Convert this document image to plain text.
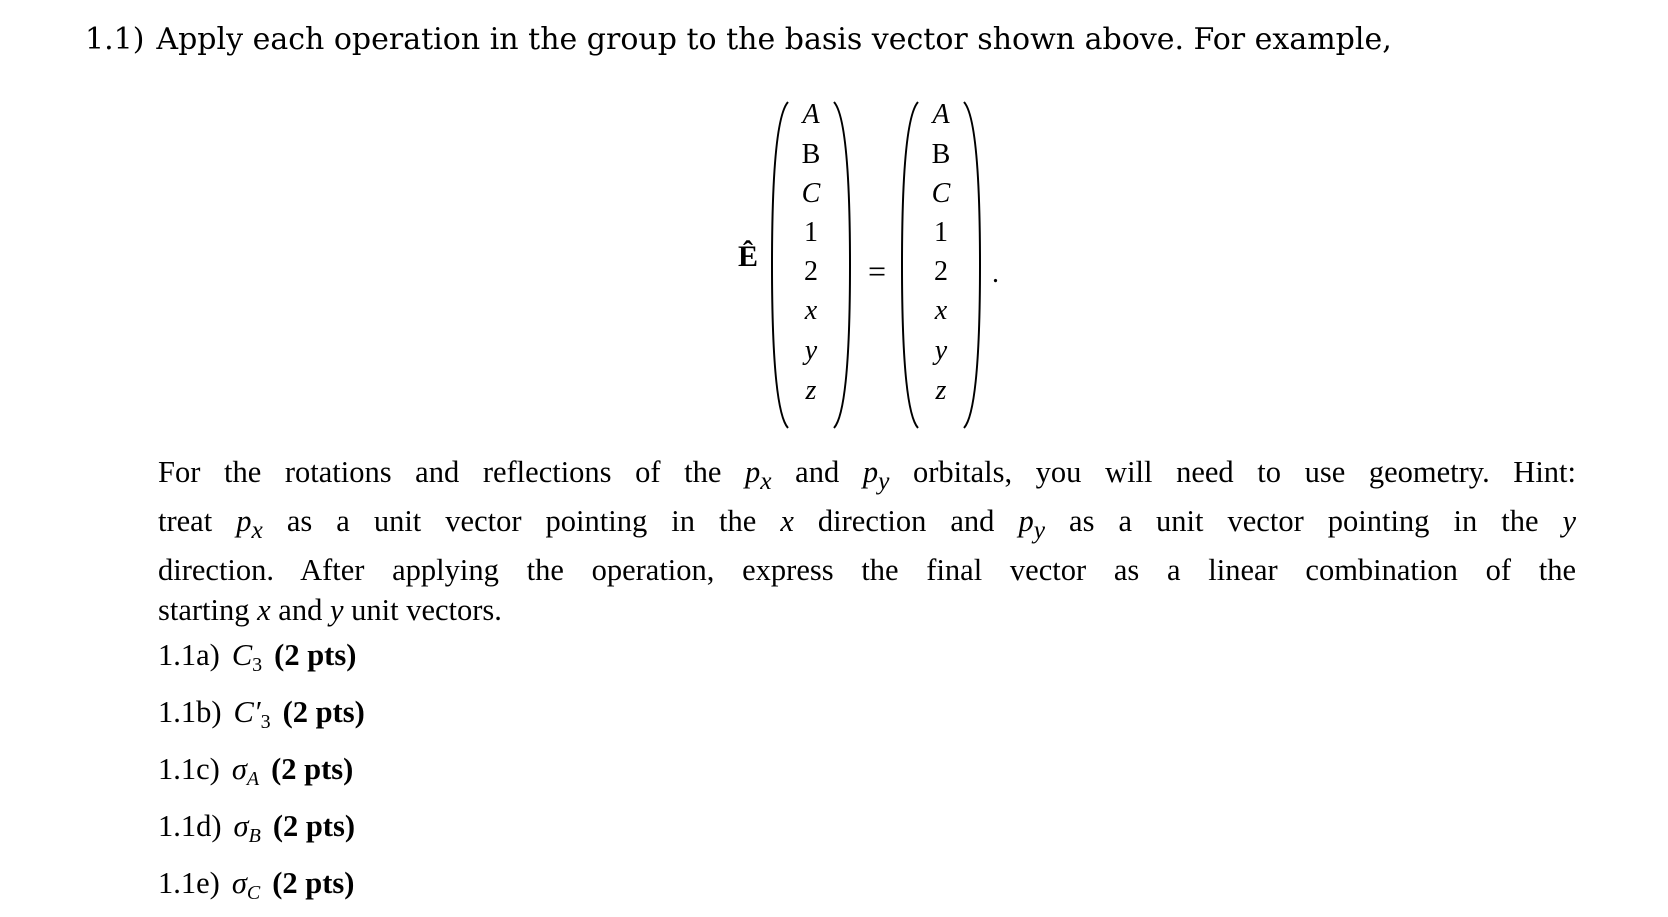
1.1) Apply each operation in the group to the basis vector shown above. For example,
Ê
A
B
C
1
2
x
y
z
=
A
B
C
1
2
x
y
z
.
For the rotations and reflections of the $p_x$ and $p_y$ orbitals, you will need to use geometry. Hint:
treat $p_x$ as a unit vector pointing in the x direction and $p_y$ as a unit vector pointing in the y
direction. After applying the operation, express the final vector as a linear combination of the
starting x and y unit vectors.
1.1a) $C_3$ (2 pts)
1.1b) $C'_3$ (2 pts)
1.1c) $\sigma_A$ (2 pts)
1.1d) $\sigma_B$ (2 pts)
1.1e) $\sigma_C$ (2 pts)
